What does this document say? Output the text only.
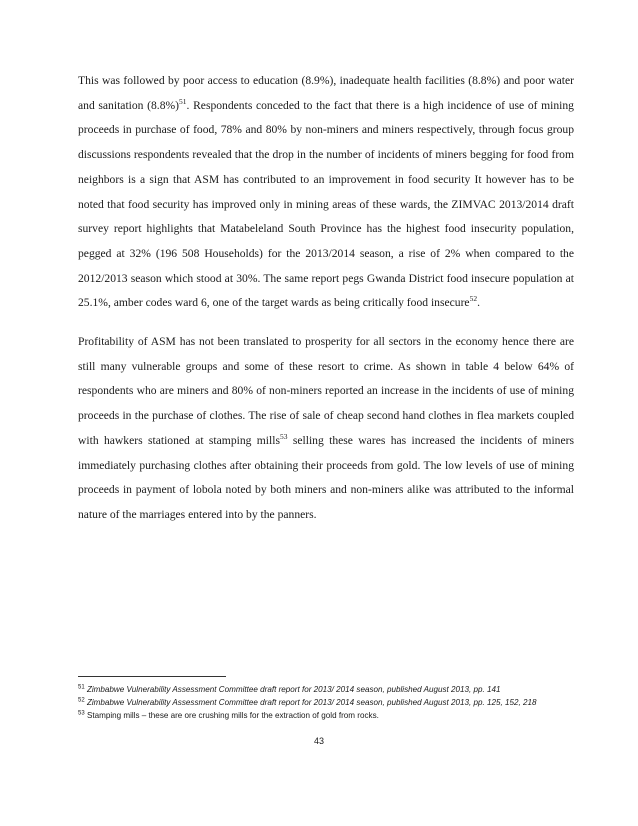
This was followed by poor access to education (8.9%), inadequate health facilities (8.8%) and poor water and sanitation $(8.8\%)^{51}$. Respondents conceded to the fact that there is a high incidence of use of mining proceeds in purchase of food, 78% and 80% by non-miners and miners respectively, through focus group discussions respondents revealed that the drop in the number of incidents of miners begging for food from neighbors is a sign that ASM has contributed to an improvement in food security It however has to be noted that food security has improved only in mining areas of these wards, the ZIMVAC 2013/2014 draft survey report highlights that Matabeleland South Province has the highest food insecurity population, pegged at 32% (196 508 Households) for the 2013/2014 season, a rise of 2% when compared to the 2012/2013 season which stood at 30%. The same report pegs Gwanda District food insecure population at 25.1%, amber codes ward 6, one of the target wards as being critically food insecure$^{52}$.

Profitability of ASM has not been translated to prosperity for all sectors in the economy hence there are still many vulnerable groups and some of these resort to crime. As shown in table 4 below 64% of respondents who are miners and 80% of non-miners reported an increase in the incidents of use of mining proceeds in the purchase of clothes. The rise of sale of cheap second hand clothes in flea markets coupled with hawkers stationed at stamping mills$^{53}$ selling these wares has increased the incidents of miners immediately purchasing clothes after obtaining their proceeds from gold. The low levels of use of mining proceeds in payment of lobola noted by both miners and non-miners alike was attributed to the informal nature of the marriages entered into by the panners.

$^{51}$ Zimbabwe Vulnerability Assessment Committee draft report for 2013/ 2014 season, published August 2013, pp. 141

$^{52}$ Zimbabwe Vulnerability Assessment Committee draft report for 2013/ 2014 season, published August 2013, pp. 125, 152, 218

$^{53}$ Stamping mills – these are ore crushing mills for the extraction of gold from rocks.

43
